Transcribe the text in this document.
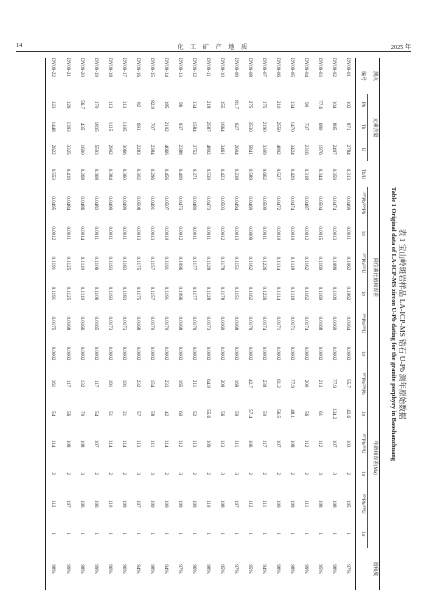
14	化 工 矿 产 地 质	2025 年
表 1 宝山岭斑岩样品 LA-ICP-MS 锆石 U-Pb 测年原始数据
Table 1 Original data of LA-ICP-MS zircon U-Pb dating for the granite porphyry in Baoshanzhuang
测点	元素含量				同位素比值和误差						年龄和误差(Ma)						谐和度
编号	Pb	Th	U	Th/U	²⁰⁷Pb/²⁰⁶Pb	1σ	²⁰⁷Pb/²³⁵U	1σ	²⁰⁶Pb/²³⁸U	1σ	²⁰⁷Pb/²⁰⁶Pb	1σ	²⁰⁷Pb/²³⁵U	1σ	²⁰⁶Pb/²³⁸U	1σ	
DY09-01	102	871	2784	0.313	0.0469	0.0011	0.1062	0.1062	0.0164	0.0002	55.7	42.6	103	2	105	1	97%
DY09-02	104	895	2497	0.359	0.0474	0.0013	0.1089	0.1109	0.0169	0.0002	77.9	134.2	107	3	108	1	98%
DY09-03	77.6	680	1976	0.344	0.0504	0.0015	0.1169	0.1169	0.0168	0.0002	213	61	112	3	108	1	95%
DY09-04	90	737	2316	0.318	0.0487	0.0012	0.1162	0.1162	0.0174	0.0002	200	56	112	2	111	1	99%
DY09-05	134	1470	3424	0.429	0.0474	0.0010	0.1118	0.1118	0.0171	0.0002	77.9	48.1	108	2	109	1	98%
DY09-06	210	2550	4802	0.527	0.0472	0.0010	0.1114	0.1114	0.0171	0.0002	61.2	56.5	107	2	109	1	98%
DY09-07	175	2190	3309	0.662	0.0509	0.0011	0.1226	0.1226	0.0174	0.0002	239	50	117	2	111	1	94%
DY09-08	275	3530	5841	0.589	0.0469	0.0009	0.1162	0.1162	0.0179	0.0002	42.7	57.4	106	2	112	1	95%
DY09-09	81.7	627	2604	0.238	0.0494	0.0013	0.1151	0.1151	0.0168	0.0002	169	59	111	3	107	1	97%
DY09-10	155	1664	3461	0.423	0.0503	0.0012	0.1178	0.1178	0.0169	0.0002	209	56	113	3	108	1	95%
DY09-11	218	2587	4802	0.539	0.0473	0.0011	0.1128	0.1128	0.0173	0.0002	64.9	55.6	109	2	110	1	98%
DY09-12	134	1584	3752	0.371	0.0480	0.0011	0.1177	0.1177	0.0179	0.0002	211	52	113	2	109	1	96%
DY09-13	96	937	2388	0.409	0.0473	0.0012	0.1096	0.1096	0.0168	0.0002	165	60	112	3	109	1	97%
DY09-14	185	2102	4666	0.456	0.0507	0.0010	0.1191	0.1191	0.0170	0.0002	233	42	114	2	109	1	94%
DY09-15	82.9	707	2384	0.296	0.0491	0.0013	0.1157	0.1157	0.0170	0.0002	154	58	111	3	109	1	98%
DY09-16	82	691	2283	0.302	0.0508	0.0013	0.1175	0.1175	0.0168	0.0002	232	57	113	3	107	1	94%
DY09-17	113	1105	3066	0.360	0.0499	0.0011	0.1183	0.1183	0.0173	0.0002	191	21	114	2	109	1	96%
DY09-18	113	1115	2902	0.384	0.0499	0.0011	0.1193	0.1193	0.0173	0.0002	191	51	114	2	110	1	96%
DY09-19	170	1835	5503	0.368	0.0483	0.0011	0.1106	0.1106	0.0165	0.0002	117	54	107	2	106	1	99%
DY09-20	56.7	435	1600	0.268	0.0486	0.0014	0.1119	0.1119	0.0166	0.0002	132	70	108	3	106	1	98%
DY09-21	129	1393	3325	0.419	0.0484	0.0011	0.1125	0.1125	0.0168	0.0002	117	56	108	2	107	1	99%
DY09-22	123	1448	2622	0.553	0.0495	0.0012	0.1191	0.1191	0.0175	0.0002	161	54	114	2	112	1	98%
